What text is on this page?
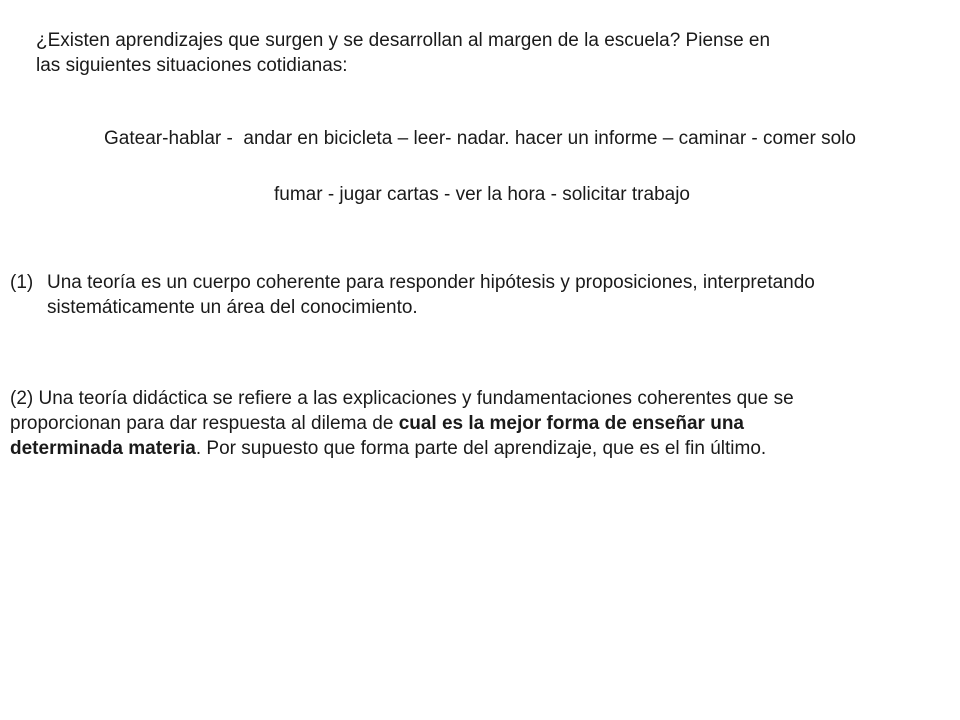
¿Existen aprendizajes que surgen y se desarrollan al margen de la escuela? Piense en
las siguientes situaciones cotidianas:
Gatear-hablar -  andar en bicicleta – leer- nadar. hacer un informe – caminar - comer solo
fumar - jugar cartas - ver la hora - solicitar trabajo
(1) Una teoría es un cuerpo coherente para responder hipótesis y proposiciones, interpretando
sistemáticamente un área del conocimiento.
(2) Una teoría didáctica se refiere a las explicaciones y fundamentaciones coherentes que se
proporcionan para dar respuesta al dilema de cual es la mejor forma de enseñar una
determinada materia. Por supuesto que forma parte del aprendizaje, que es el fin último.
